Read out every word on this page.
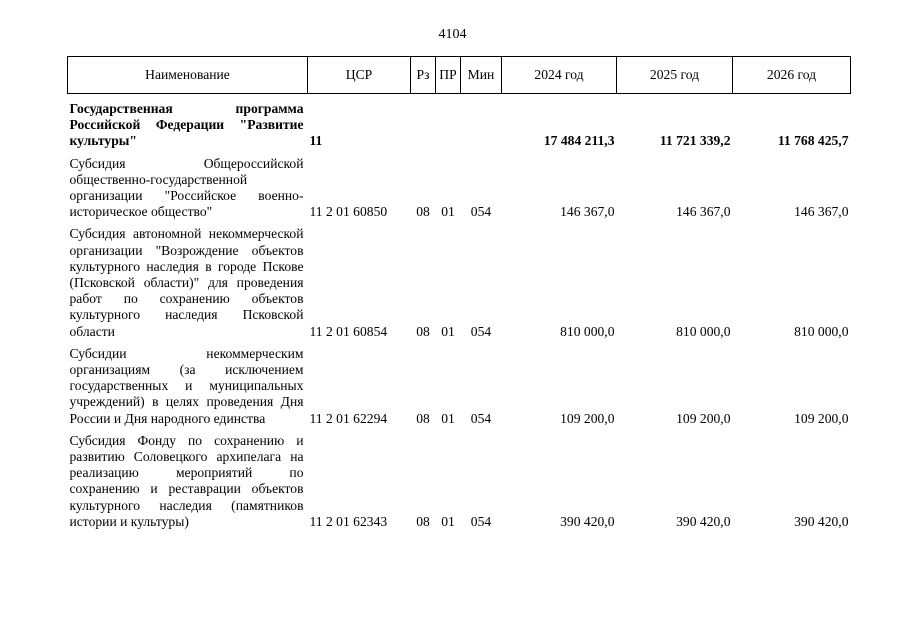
4104
Наименование	ЦСР	Рз	ПР	Мин	2024 год	2025 год	2026 год
Государственная программа Российской Федерации "Развитие культуры"	11				17 484 211,3	11 721 339,2	11 768 425,7
Субсидия Общероссийской общественно-государственной организации "Российское военно-историческое общество"	11 2 01 60850	08	01	054	146 367,0	146 367,0	146 367,0
Субсидия автономной некоммерческой организации "Возрождение объектов культурного наследия в городе Пскове (Псковской области)" для проведения работ по сохранению объектов культурного наследия Псковской области	11 2 01 60854	08	01	054	810 000,0	810 000,0	810 000,0
Субсидии некоммерческим организациям (за исключением государственных и муниципальных учреждений) в целях проведения Дня России и Дня народного единства	11 2 01 62294	08	01	054	109 200,0	109 200,0	109 200,0
Субсидия Фонду по сохранению и развитию Соловецкого архипелага на реализацию мероприятий по сохранению и реставрации объектов культурного наследия (памятников истории и культуры)	11 2 01 62343	08	01	054	390 420,0	390 420,0	390 420,0
